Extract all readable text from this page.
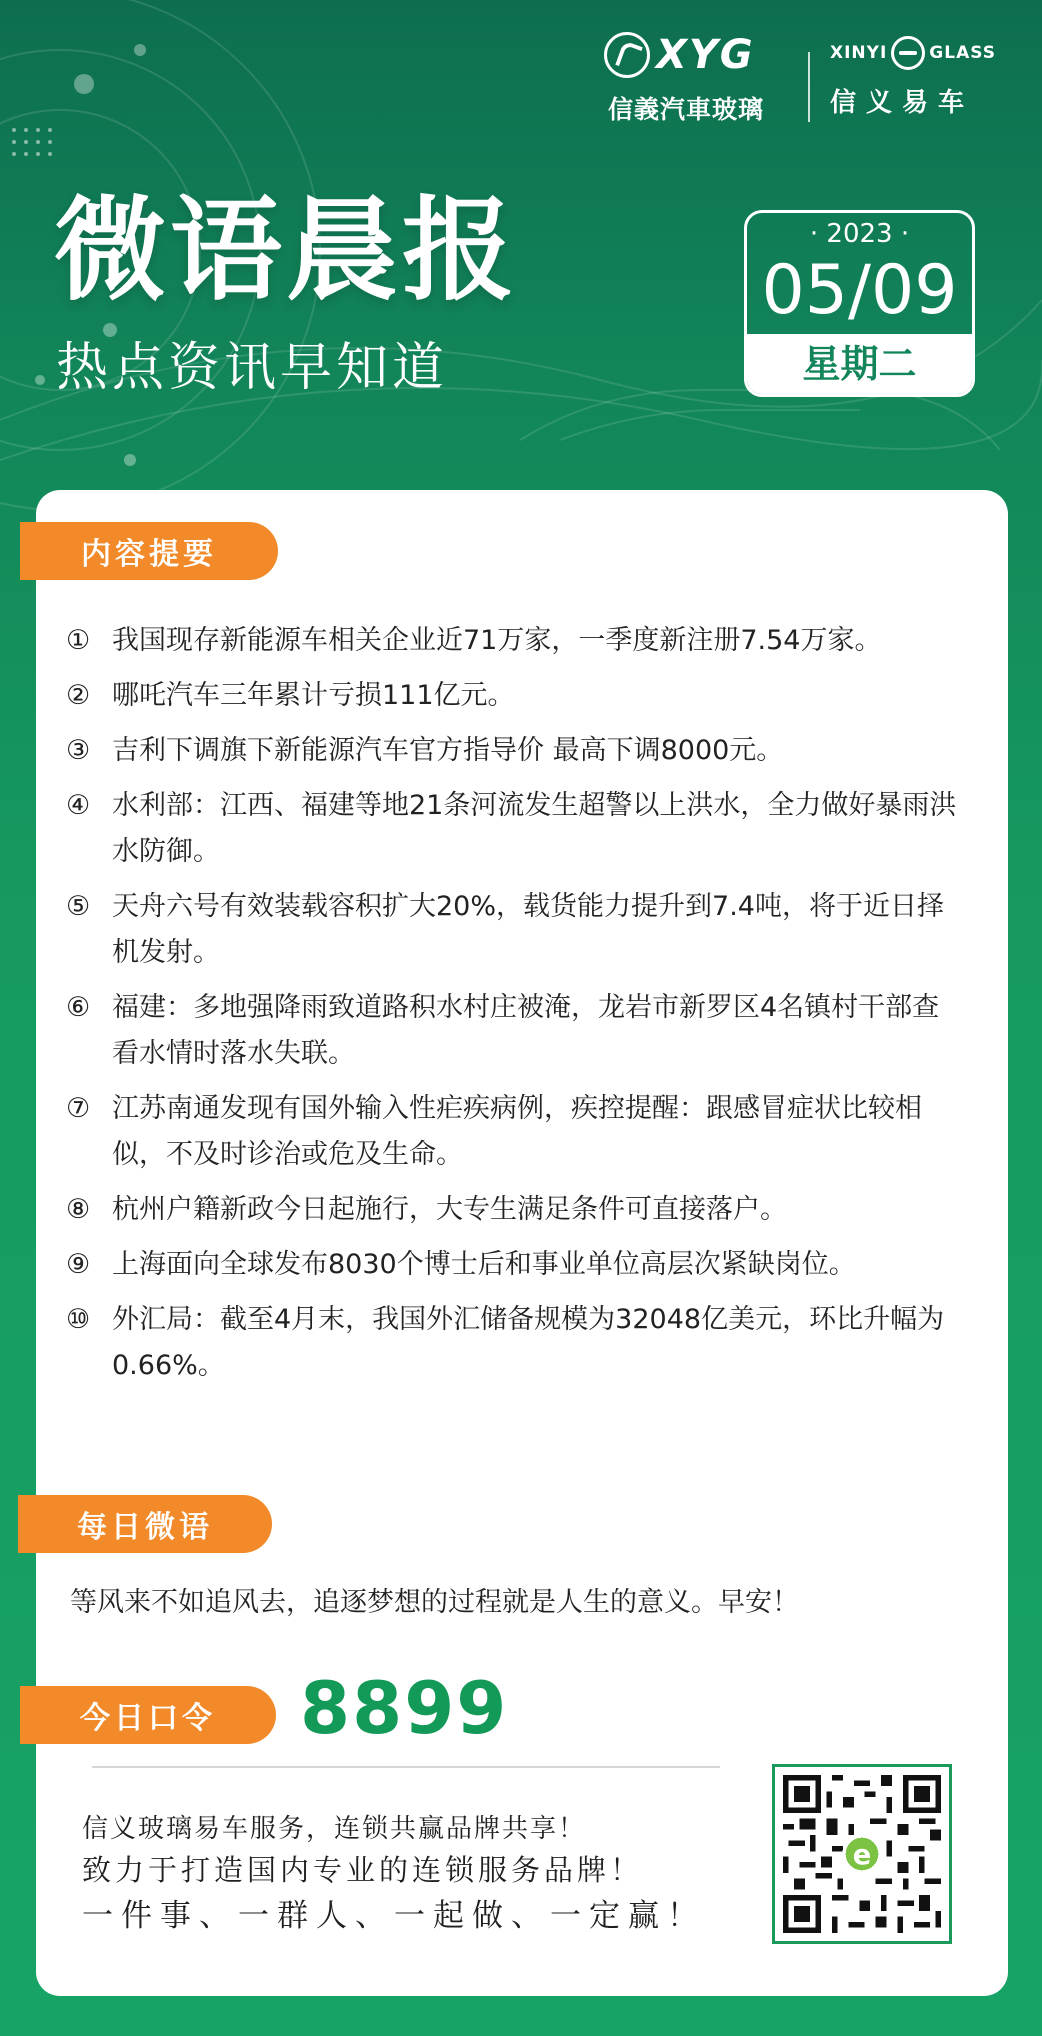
XYG
信義汽車玻璃
XINYI GLASS
信义易车
微语晨报
热点资讯早知道
· 2023 ·
05/09
星期二
内容提要
① 我国现存新能源车相关企业近71万家，一季度新注册7.54万家。
② 哪吒汽车三年累计亏损111亿元。
③ 吉利下调旗下新能源汽车官方指导价 最高下调8000元。
④ 水利部：江西、福建等地21条河流发生超警以上洪水，全力做好暴雨洪水防御。
⑤ 天舟六号有效装载容积扩大20%，载货能力提升到7.4吨，将于近日择机发射。
⑥ 福建：多地强降雨致道路积水村庄被淹，龙岩市新罗区4名镇村干部查看水情时落水失联。
⑦ 江苏南通发现有国外输入性疟疾病例，疾控提醒：跟感冒症状比较相似，不及时诊治或危及生命。
⑧ 杭州户籍新政今日起施行，大专生满足条件可直接落户。
⑨ 上海面向全球发布8030个博士后和事业单位高层次紧缺岗位。
⑩ 外汇局：截至4月末，我国外汇储备规模为32048亿美元，环比升幅为0.66%。
每日微语
等风来不如追风去，追逐梦想的过程就是人生的意义。早安！
今日口令	8899
信义玻璃易车服务，连锁共赢品牌共享！
致力于打造国内专业的连锁服务品牌！
一件事、一群人、一起做、一定赢！
e
